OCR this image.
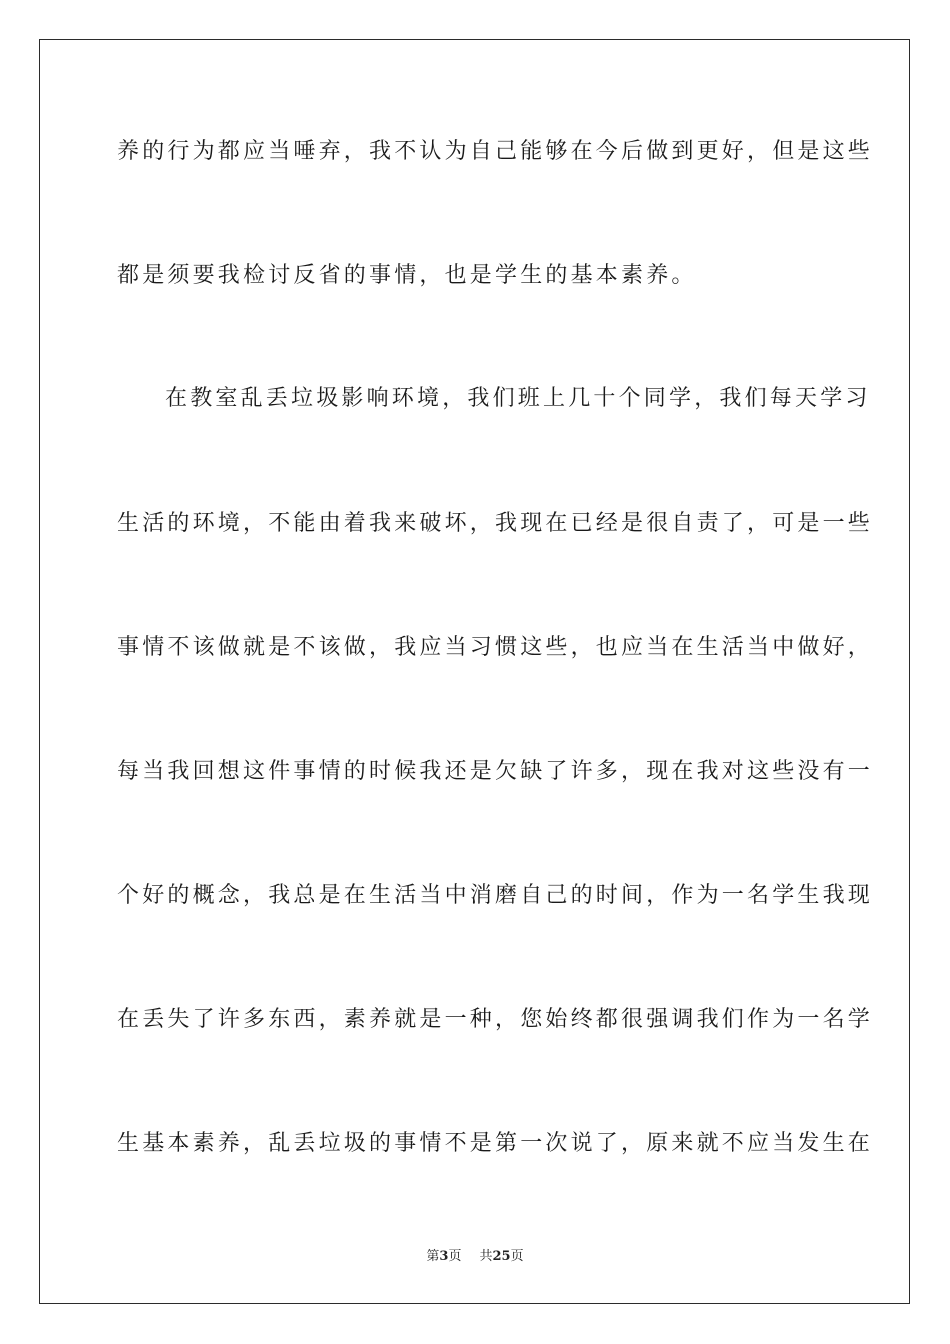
养的行为都应当唾弃，我不认为自己能够在今后做到更好，但是这些
都是须要我检讨反省的事情，也是学生的基本素养。
在教室乱丢垃圾影响环境，我们班上几十个同学，我们每天学习
生活的环境，不能由着我来破坏，我现在已经是很自责了，可是一些
事情不该做就是不该做，我应当习惯这些，也应当在生活当中做好，
每当我回想这件事情的时候我还是欠缺了许多，现在我对这些没有一
个好的概念，我总是在生活当中消磨自己的时间，作为一名学生我现
在丢失了许多东西，素养就是一种，您始终都很强调我们作为一名学
生基本素养，乱丢垃圾的事情不是第一次说了，原来就不应当发生在
第3页 共25页
